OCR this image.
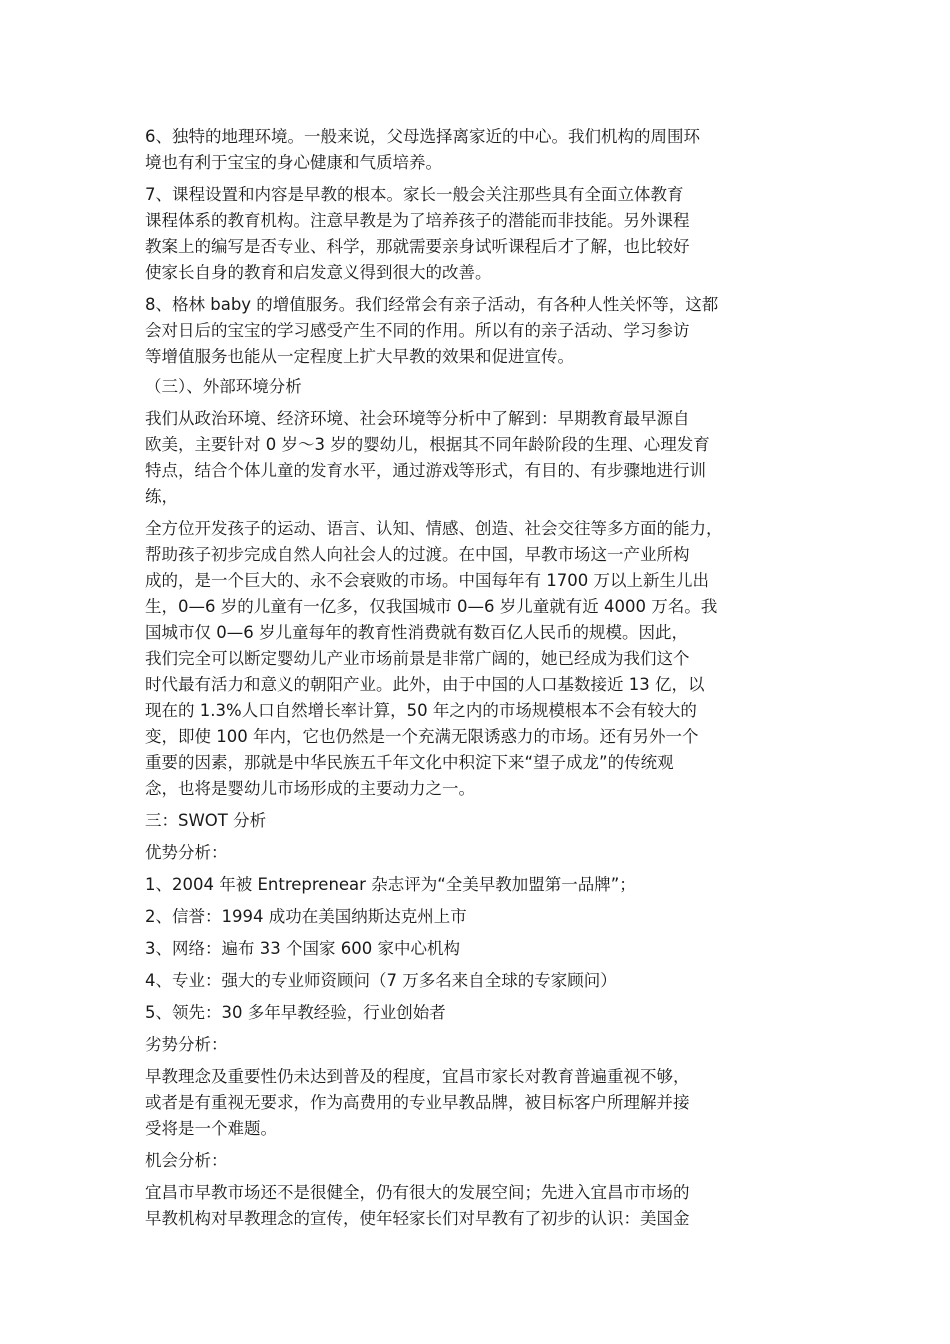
6、独特的地理环境。一般来说，父母选择离家近的中心。我们机构的周围环
境也有利于宝宝的身心健康和气质培养。
7、课程设置和内容是早教的根本。家长一般会关注那些具有全面立体教育
课程体系的教育机构。注意早教是为了培养孩子的潜能而非技能。另外课程
教案上的编写是否专业、科学，那就需要亲身试听课程后才了解，也比较好
使家长自身的教育和启发意义得到很大的改善。
8、格林 baby 的增值服务。我们经常会有亲子活动，有各种人性关怀等，这都
会对日后的宝宝的学习感受产生不同的作用。所以有的亲子活动、学习参访
等增值服务也能从一定程度上扩大早教的效果和促进宣传。
（三）、外部环境分析
我们从政治环境、经济环境、社会环境等分析中了解到：早期教育最早源自
欧美，主要针对 0 岁～3 岁的婴幼儿，根据其不同年龄阶段的生理、心理发育
特点，结合个体儿童的发育水平，通过游戏等形式，有目的、有步骤地进行训
练，
全方位开发孩子的运动、语言、认知、情感、创造、社会交往等多方面的能力，
帮助孩子初步完成自然人向社会人的过渡。在中国，早教市场这一产业所构
成的，是一个巨大的、永不会衰败的市场。中国每年有 1700 万以上新生儿出
生，0—6 岁的儿童有一亿多，仅我国城市 0—6 岁儿童就有近 4000 万名。我
国城市仅 0—6 岁儿童每年的教育性消费就有数百亿人民币的规模。因此，
我们完全可以断定婴幼儿产业市场前景是非常广阔的，她已经成为我们这个
时代最有活力和意义的朝阳产业。此外，由于中国的人口基数接近 13 亿，以
现在的 1.3%人口自然增长率计算，50 年之内的市场规模根本不会有较大的
变，即使 100 年内，它也仍然是一个充满无限诱惑力的市场。还有另外一个
重要的因素，那就是中华民族五千年文化中积淀下来“望子成龙”的传统观
念，也将是婴幼儿市场形成的主要动力之一。
三：SWOT 分析
优势分析：
1、2004 年被 Entreprenear 杂志评为“全美早教加盟第一品牌”；
2、信誉：1994 成功在美国纳斯达克州上市
3、网络：遍布 33 个国家 600 家中心机构
4、专业：强大的专业师资顾问（7 万多名来自全球的专家顾问）
5、领先：30 多年早教经验，行业创始者
劣势分析：
早教理念及重要性仍未达到普及的程度，宜昌市家长对教育普遍重视不够，
或者是有重视无要求，作为高费用的专业早教品牌，被目标客户所理解并接
受将是一个难题。
机会分析：
宜昌市早教市场还不是很健全，仍有很大的发展空间；先进入宜昌市市场的
早教机构对早教理念的宣传，使年轻家长们对早教有了初步的认识：美国金
